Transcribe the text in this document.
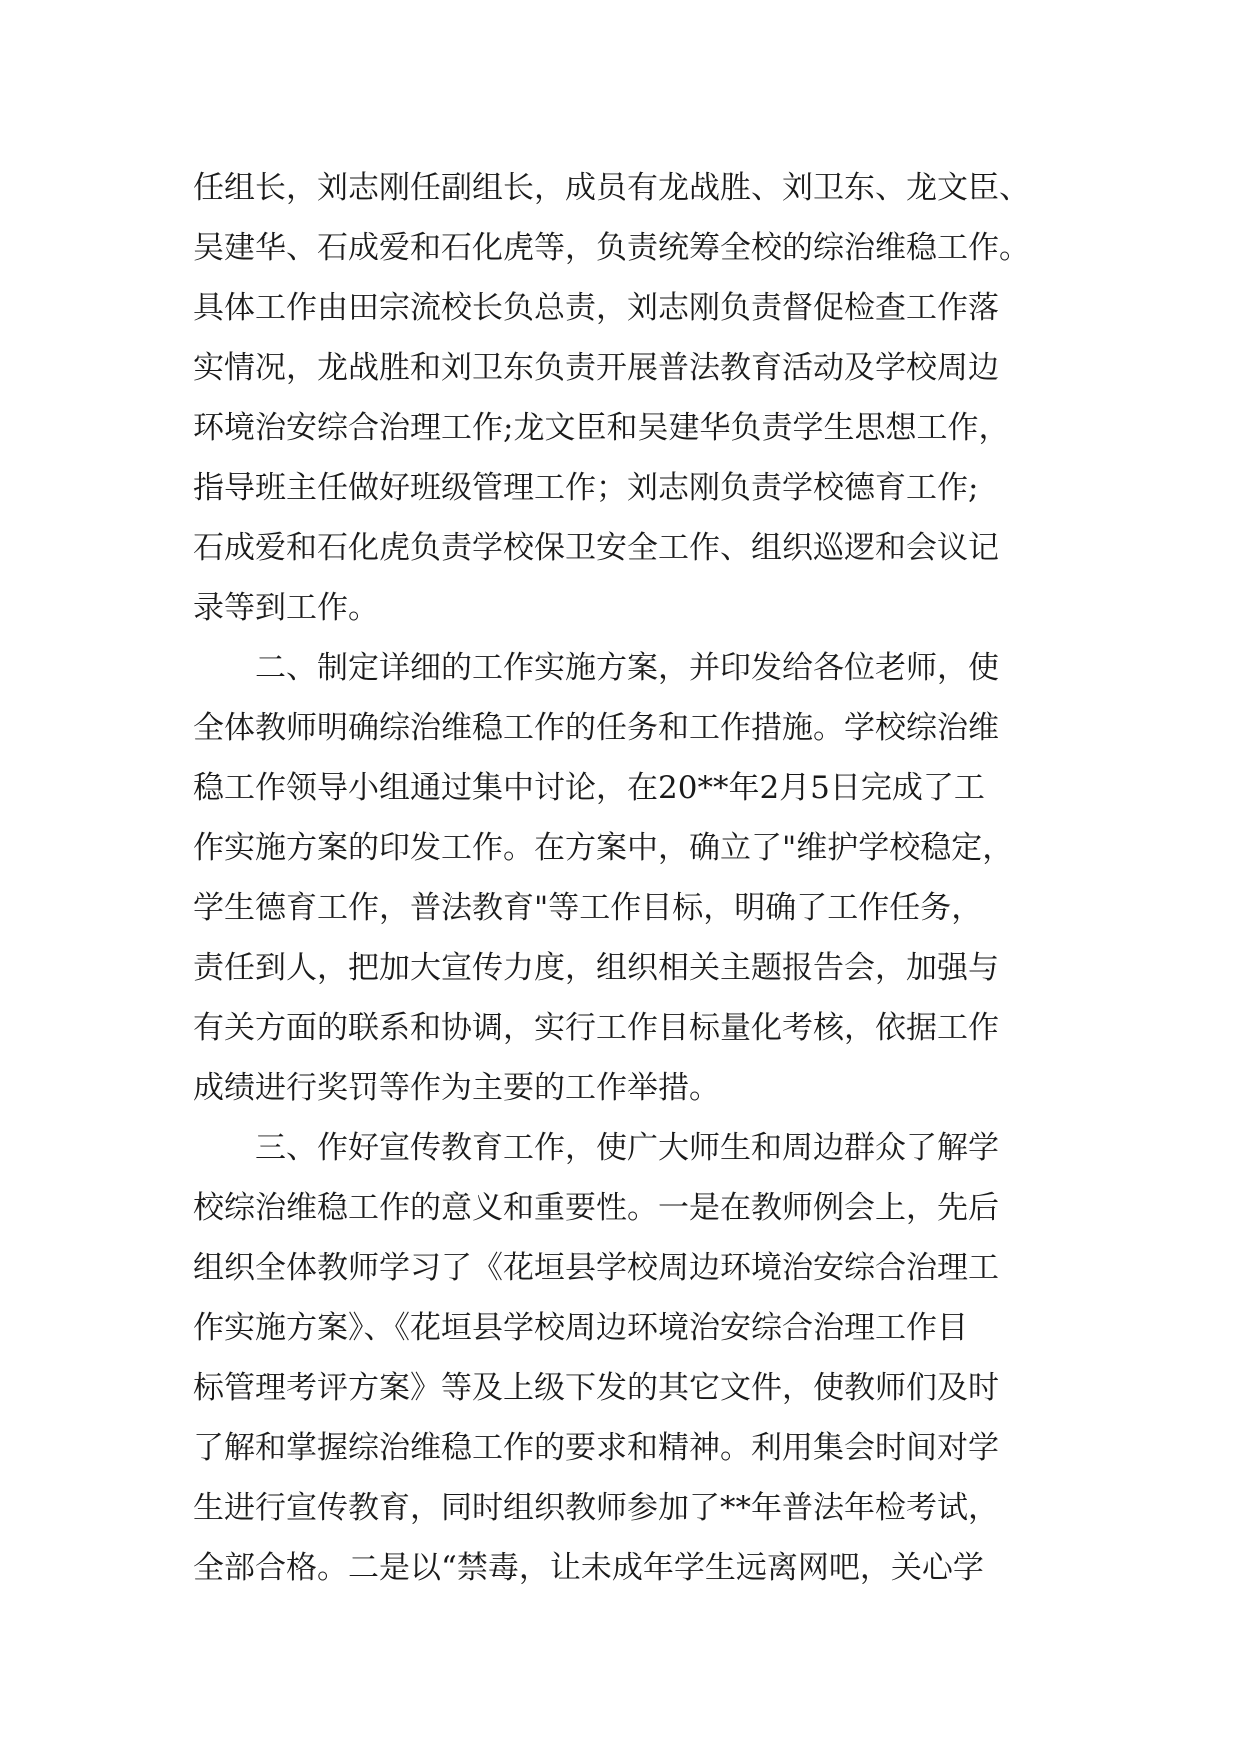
任组长，刘志刚任副组长，成员有龙战胜、刘卫东、龙文臣、
吴建华、石成爱和石化虎等，负责统筹全校的综治维稳工作。
具体工作由田宗流校长负总责，刘志刚负责督促检查工作落
实情况，龙战胜和刘卫东负责开展普法教育活动及学校周边
环境治安综合治理工作;龙文臣和吴建华负责学生思想工作，
指导班主任做好班级管理工作；刘志刚负责学校德育工作;
石成爱和石化虎负责学校保卫安全工作、组织巡逻和会议记
录等到工作。
二、制定详细的工作实施方案，并印发给各位老师，使
全体教师明确综治维稳工作的任务和工作措施。学校综治维
稳工作领导小组通过集中讨论，在20**年2月5日完成了工
作实施方案的印发工作。在方案中，确立了"维护学校稳定，
学生德育工作，普法教育"等工作目标，明确了工作任务，
责任到人，把加大宣传力度，组织相关主题报告会，加强与
有关方面的联系和协调，实行工作目标量化考核，依据工作
成绩进行奖罚等作为主要的工作举措。
三、作好宣传教育工作，使广大师生和周边群众了解学
校综治维稳工作的意义和重要性。一是在教师例会上，先后
组织全体教师学习了《花垣县学校周边环境治安综合治理工
作实施方案》、《花垣县学校周边环境治安综合治理工作目
标管理考评方案》等及上级下发的其它文件，使教师们及时
了解和掌握综治维稳工作的要求和精神。利用集会时间对学
生进行宣传教育，同时组织教师参加了**年普法年检考试，
全部合格。二是以“禁毒，让未成年学生远离网吧，关心学
